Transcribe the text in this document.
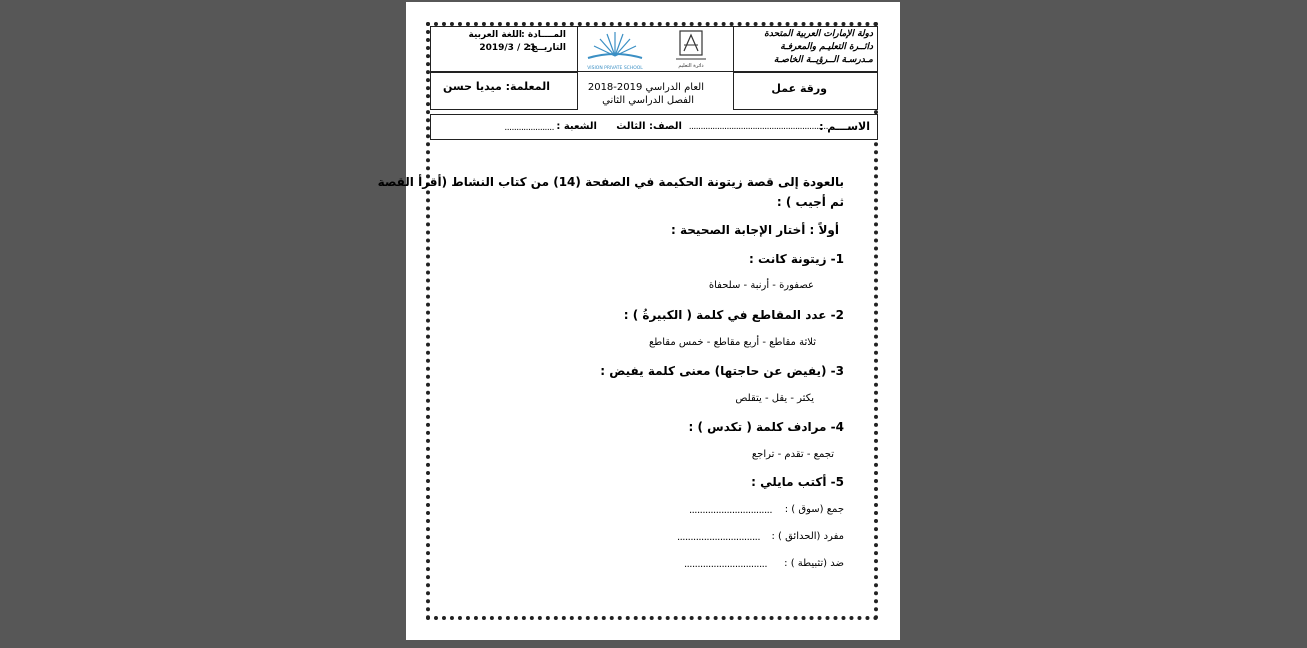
المــــادة :
اللغة العربية
التاريــخ:
2019/3 / 21
VISION PRIVATE SCHOOL	دائرة التعليم
دولة الإمارات العربية المتحدة
دائــرة التعليـم والمعرفـة
مـدرسـة الــرؤيــة الخاصـة
المعلمة: ميديا حسن	العام الدراسي 2019-2018
الفصل الدراسي الثاني
ورقة عمل
الاســـم :
...........................................................
الصف: الثالث
الشعبة :
.....................
بالعودة إلى قصة زيتونة الحكيمة في الصفحة (14) من كتاب النشاط (أقرأ القصة
ثم أجيب ) :
أولاً : أختار الإجابة الصحيحة :
1- زيتونة كانت :
عصفورة - أرنبة - سلحفاة
2- عدد المقاطع في كلمة ( الكبيرةُ ) :
ثلاثة مقاطع - أربع مقاطع - خمس مقاطع
3- (يفيض عن حاجتها) معنى كلمة يفيض :
يكثر - يقل - يتقلص
4- مرادف كلمة ( تكدس ) :
تجمع - تقدم - تراجع
5- أكتب مايلي :
جمع (سوق ) :
...............................
مفرد (الحدائق ) :
...............................
ضد (تثبيطة ) :
...............................
